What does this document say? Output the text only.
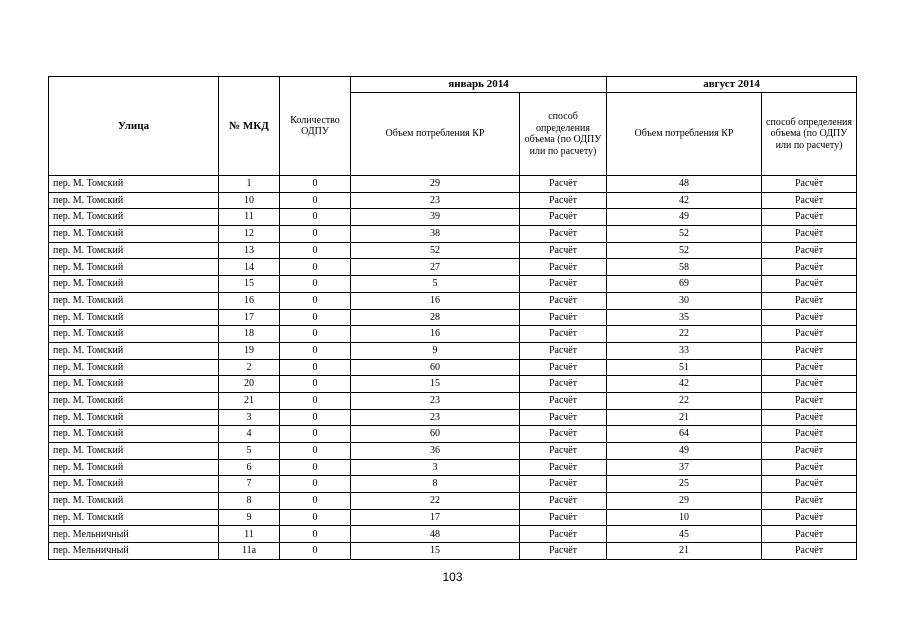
Улица	№ МКД	Количество ОДПУ	январь 2014		август 2014	
			Объем потребления КР	способ определения объема (по ОДПУ или по расчету)	Объем потребления КР	способ определения объема (по ОДПУ или по расчету)
пер. М. Томский	1	0	29	Расчёт	48	Расчёт
пер. М. Томский	10	0	23	Расчёт	42	Расчёт
пер. М. Томский	11	0	39	Расчёт	49	Расчёт
пер. М. Томский	12	0	38	Расчёт	52	Расчёт
пер. М. Томский	13	0	52	Расчёт	52	Расчёт
пер. М. Томский	14	0	27	Расчёт	58	Расчёт
пер. М. Томский	15	0	5	Расчёт	69	Расчёт
пер. М. Томский	16	0	16	Расчёт	30	Расчёт
пер. М. Томский	17	0	28	Расчёт	35	Расчёт
пер. М. Томский	18	0	16	Расчёт	22	Расчёт
пер. М. Томский	19	0	9	Расчёт	33	Расчёт
пер. М. Томский	2	0	60	Расчёт	51	Расчёт
пер. М. Томский	20	0	15	Расчёт	42	Расчёт
пер. М. Томский	21	0	23	Расчёт	22	Расчёт
пер. М. Томский	3	0	23	Расчёт	21	Расчёт
пер. М. Томский	4	0	60	Расчёт	64	Расчёт
пер. М. Томский	5	0	36	Расчёт	49	Расчёт
пер. М. Томский	6	0	3	Расчёт	37	Расчёт
пер. М. Томский	7	0	8	Расчёт	25	Расчёт
пер. М. Томский	8	0	22	Расчёт	29	Расчёт
пер. М. Томский	9	0	17	Расчёт	10	Расчёт
пер. Мельничный	11	0	48	Расчёт	45	Расчёт
пер. Мельничный	11а	0	15	Расчёт	21	Расчёт
103
